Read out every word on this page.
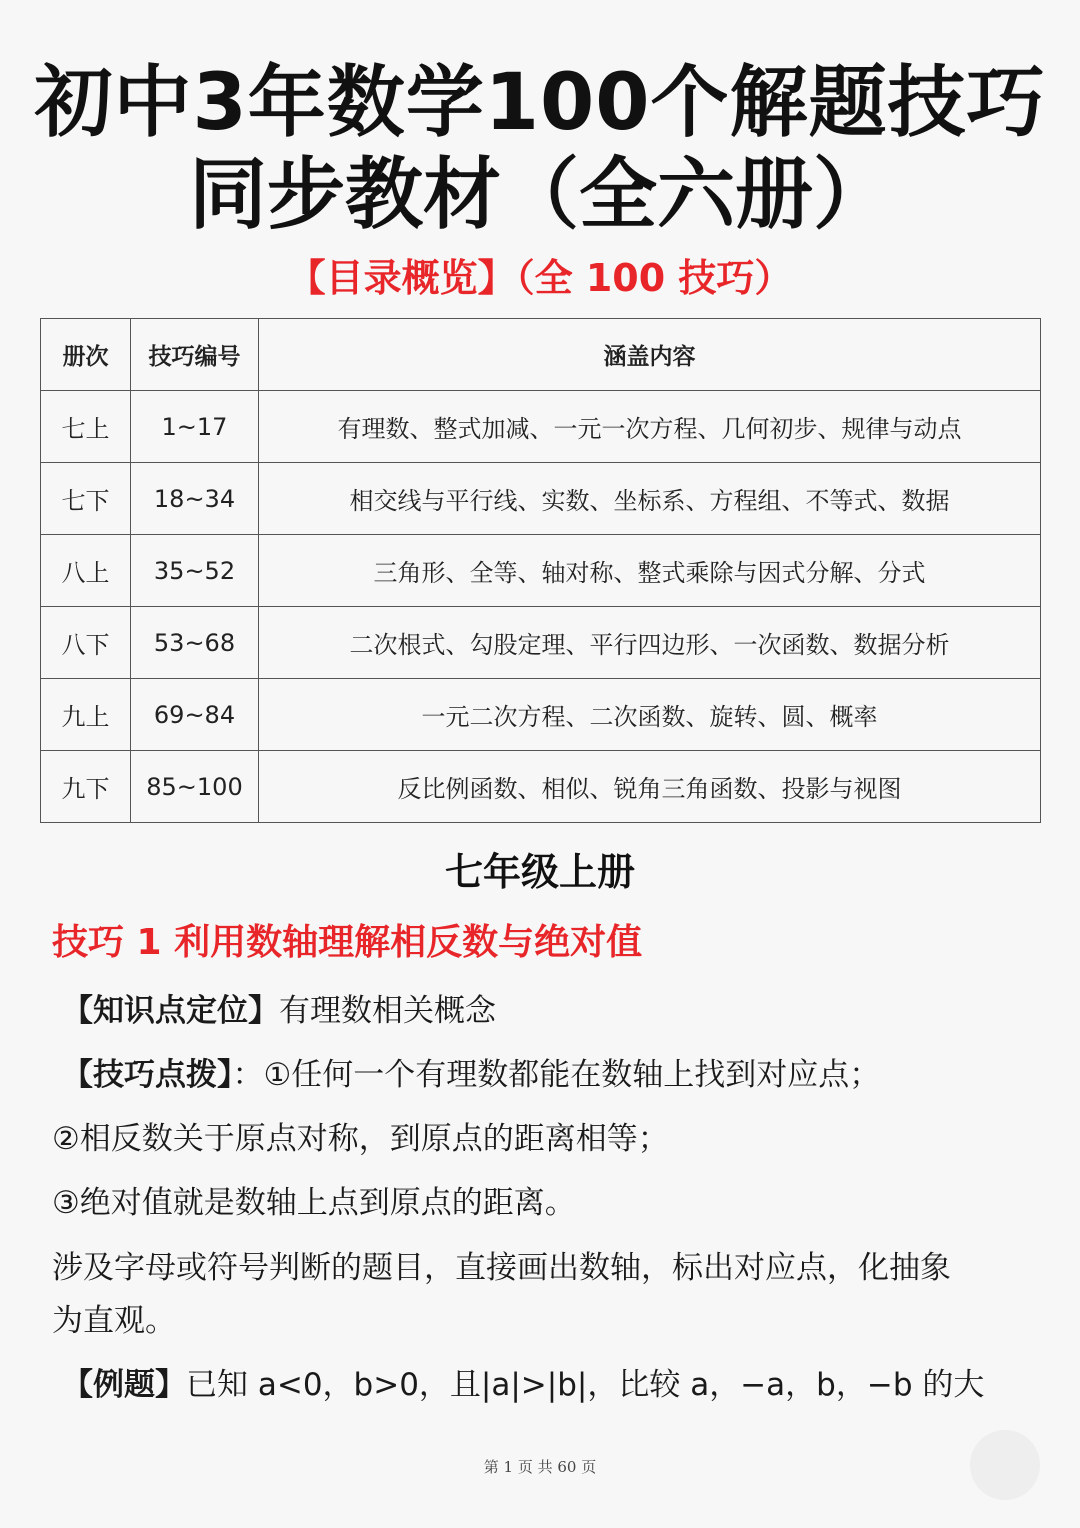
初中3年数学100个解题技巧
同步教材（全六册）
【目录概览】（全 100 技巧）
册次	技巧编号	涵盖内容
七上	1~17	有理数、整式加减、一元一次方程、几何初步、规律与动点
七下	18~34	相交线与平行线、实数、坐标系、方程组、不等式、数据
八上	35~52	三角形、全等、轴对称、整式乘除与因式分解、分式
八下	53~68	二次根式、勾股定理、平行四边形、一次函数、数据分析
九上	69~84	一元二次方程、二次函数、旋转、圆、概率
九下	85~100	反比例函数、相似、锐角三角函数、投影与视图
七年级上册
技巧 1 利用数轴理解相反数与绝对值
【知识点定位】有理数相关概念
【技巧点拨】：①任何一个有理数都能在数轴上找到对应点；
②相反数关于原点对称，到原点的距离相等；
③绝对值就是数轴上点到原点的距离。
涉及字母或符号判断的题目，直接画出数轴，标出对应点，化抽象
为直观。
【例题】已知 a<0，b>0，且|a|>|b|，比较 a，−a，b，−b 的大
第 1 页 共 60 页
